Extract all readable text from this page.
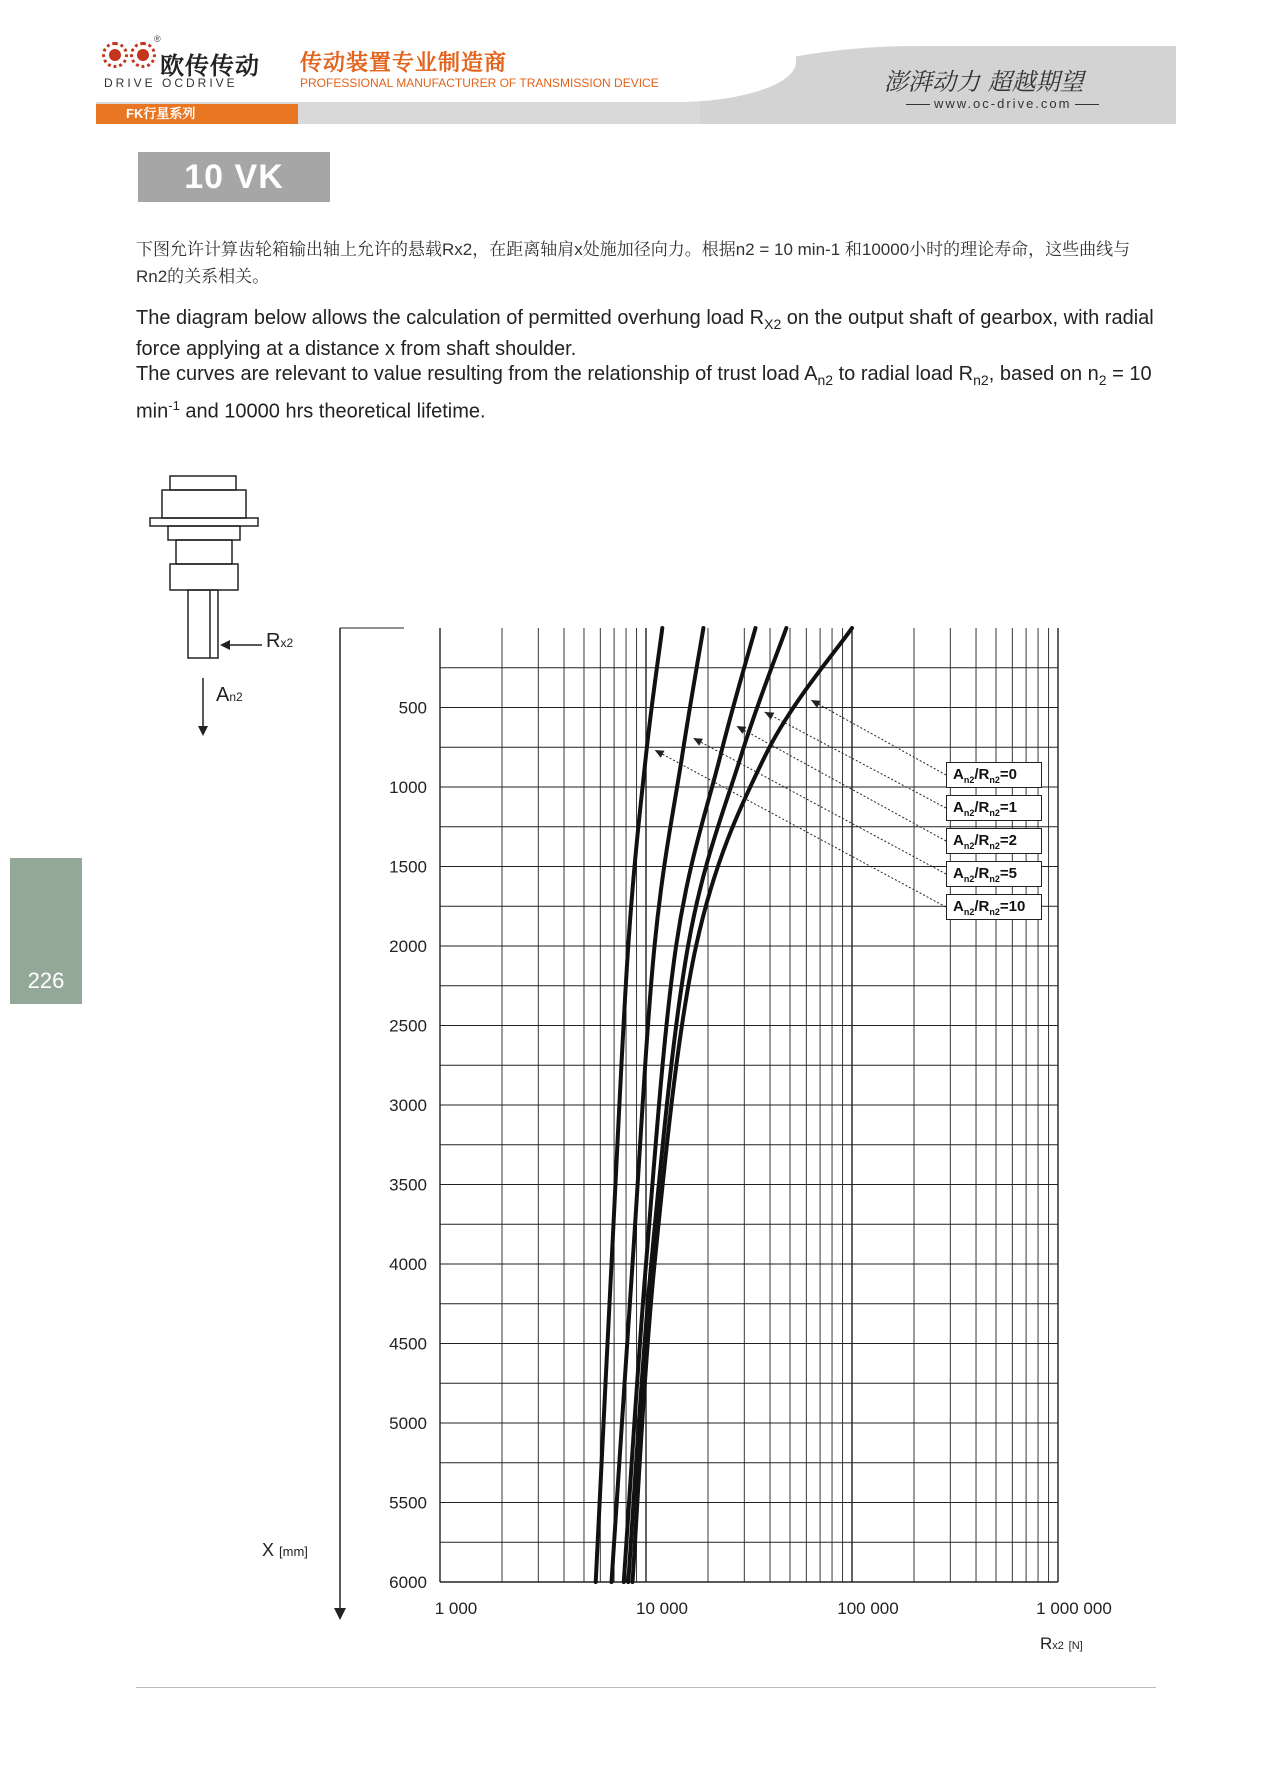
®
欧传传动
DRIVE OCDRIVE
传动装置专业制造商
PROFESSIONAL MANUFACTURER OF TRANSMISSION DEVICE	澎湃动力 超越期望
www.oc-drive.com
FK行星系列
10 VK
下图允许计算齿轮箱输出轴上允许的悬载Rx2，在距离轴肩x处施加径向力。根据n2 = 10 min-1 和10000小时的理论寿命，这些曲线与Rn2的关系相关。

The diagram below allows the calculation of permitted overhung load $R_{X2}$ on the output shaft of gearbox, with radial force applying at a distance x from shaft shoulder.

The curves are relevant to value resulting from the relationship of trust load $A_{n2}$ to radial load $R_{n2}$, based on $n_2 = 10$ $\min^{-1}$ and 10000 hrs theoretical lifetime.

226
500
1000
1500
2000
2500
3000
3500
4000
4500
5000
5500
6000
1 000	10 000	100 000	1 000 000
Rx2
An2
$A_{n2}/R_{n2}=0$
$A_{n2}/R_{n2}=1$
$A_{n2}/R_{n2}=2$
$A_{n2}/R_{n2}=5$
$A_{n2}/R_{n2}=10$
X [mm]
Rx2 [N]
